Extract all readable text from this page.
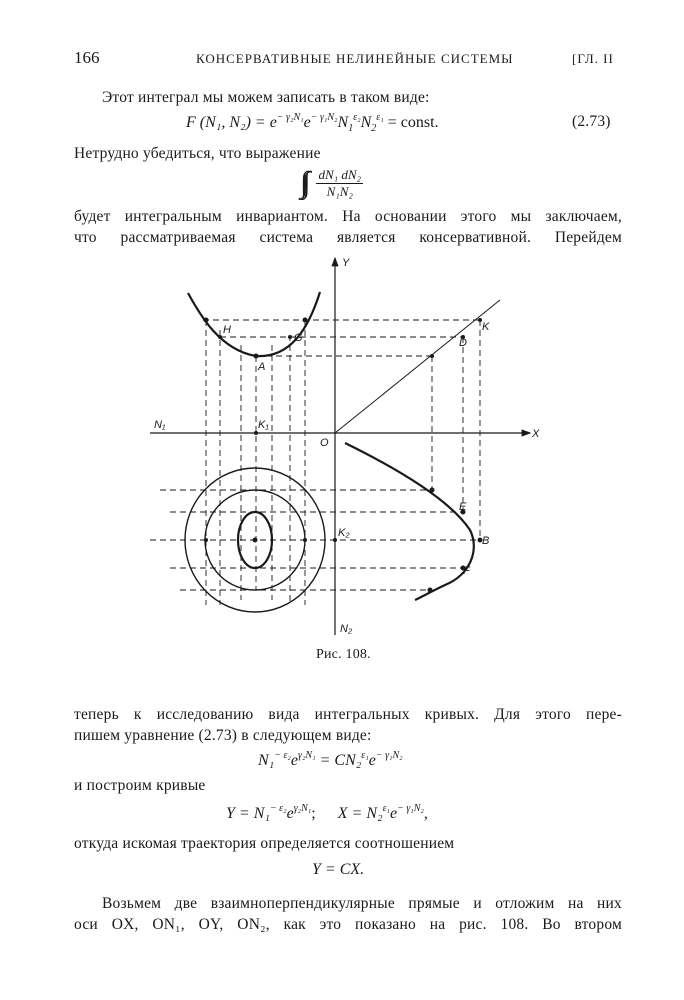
166	КОНСЕРВАТИВНЫЕ НЕЛИНЕЙНЫЕ СИСТЕМЫ	[ГЛ. II
Этот интеграл мы можем записать в таком виде:
F (N₁, $N_2) = e^{- \gamma_2N_1}e^{- \gamma_1N_2}N_1^{\varepsilon_2}N_2^{\varepsilon_1}$ = const.	(2.73)
Нетрудно убедиться, что выражение
∫∫ $\frac{\text{dN₁ dN₂}}{\text{N₁N₂}}$
будет интегральным инвариантом. На основании этого мы заключаем,
что рассматриваемая система является консервативной. Перейдем
Y
X
O
N₁
N₂
K₁
K₂
H
G
A
D
K
E
B
F
Рис. 108.
теперь к исследованию вида интегральных кривых. Для этого пере-
пишем уравнение (2.73) в следующем виде:
$N_1^{- \varepsilon_2}e^{\gamma_2N_1} = CN_2^{\varepsilon_1}e^{- \gamma_1N_2}$
и построим кривые
$Y = N_1^{- \varepsilon_2}e^{\gamma_2N_1}$; $X = N_2^{\varepsilon_1}e^{- \gamma_1N_2}$,
откуда искомая траектория определяется соотношением
Y = CX.
Возьмем две взаимноперпендикулярные прямые и отложим на них
оси OX, ON₁, OY, ON₂, как это показано на рис. 108. Во втором
